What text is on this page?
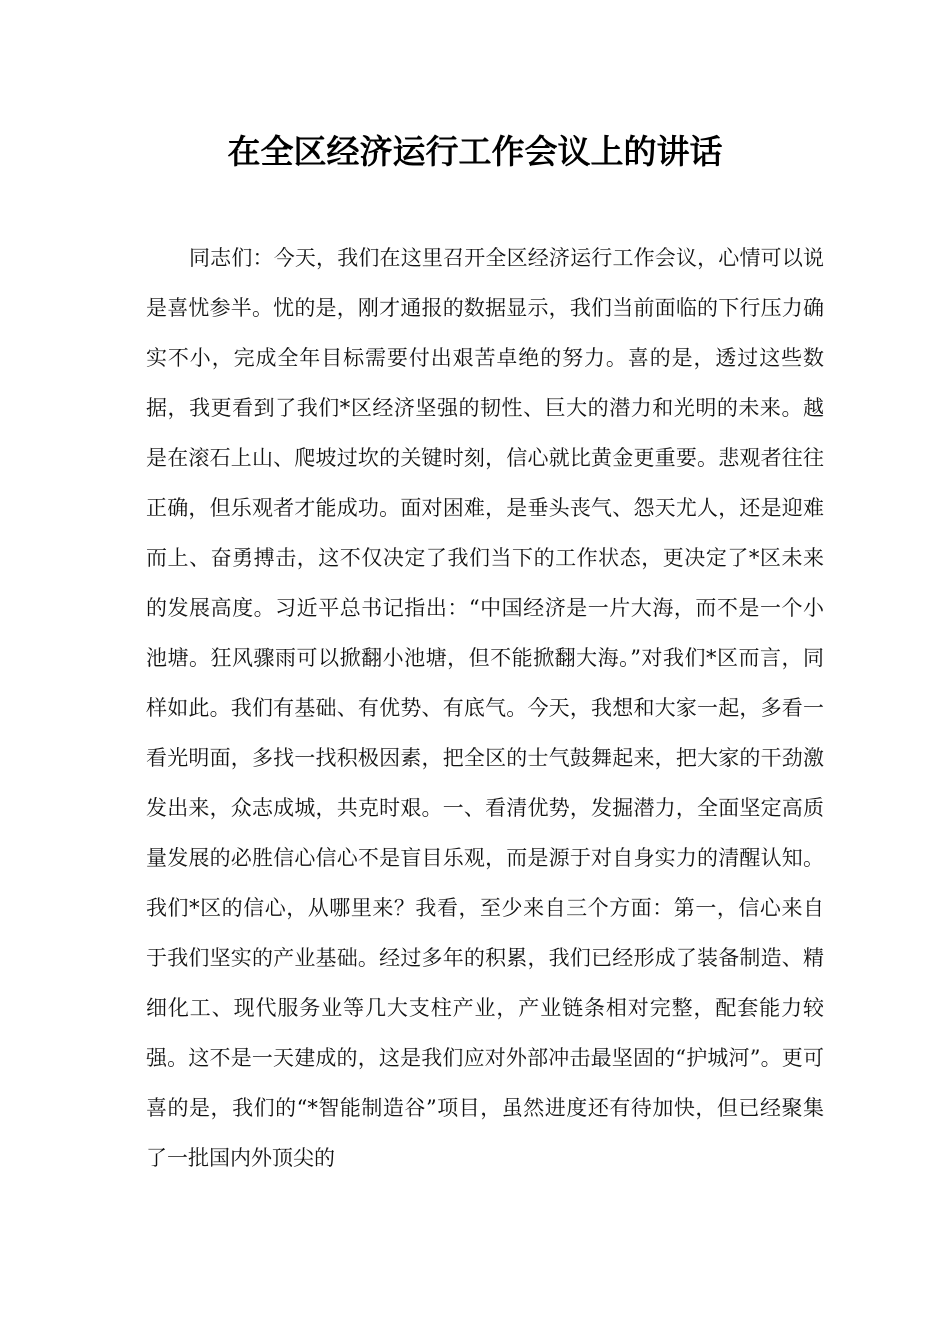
在全区经济运行工作会议上的讲话

同志们：今天，我们在这里召开全区经济运行工作会议，心情可以说是喜忧参半。忧的是，刚才通报的数据显示，我们当前面临的下行压力确实不小，完成全年目标需要付出艰苦卓绝的努力。喜的是，透过这些数据，我更看到了我们*区经济坚强的韧性、巨大的潜力和光明的未来。越是在滚石上山、爬坡过坎的关键时刻，信心就比黄金更重要。悲观者往往正确，但乐观者才能成功。面对困难，是垂头丧气、怨天尤人，还是迎难而上、奋勇搏击，这不仅决定了我们当下的工作状态，更决定了*区未来的发展高度。习近平总书记指出：“中国经济是一片大海，而不是一个小池塘。狂风骤雨可以掀翻小池塘，但不能掀翻大海。”对我们*区而言，同样如此。我们有基础、有优势、有底气。今天，我想和大家一起，多看一看光明面，多找一找积极因素，把全区的士气鼓舞起来，把大家的干劲激发出来，众志成城，共克时艰。一、看清优势，发掘潜力，全面坚定高质量发展的必胜信心信心不是盲目乐观，而是源于对自身实力的清醒认知。我们*区的信心，从哪里来？我看，至少来自三个方面：第一，信心来自于我们坚实的产业基础。经过多年的积累，我们已经形成了装备制造、精细化工、现代服务业等几大支柱产业，产业链条相对完整，配套能力较强。这不是一天建成的，这是我们应对外部冲击最坚固的“护城河”。更可喜的是，我们的“*智能制造谷”项目，虽然进度还有待加快，但已经聚集了一批国内外顶尖的
